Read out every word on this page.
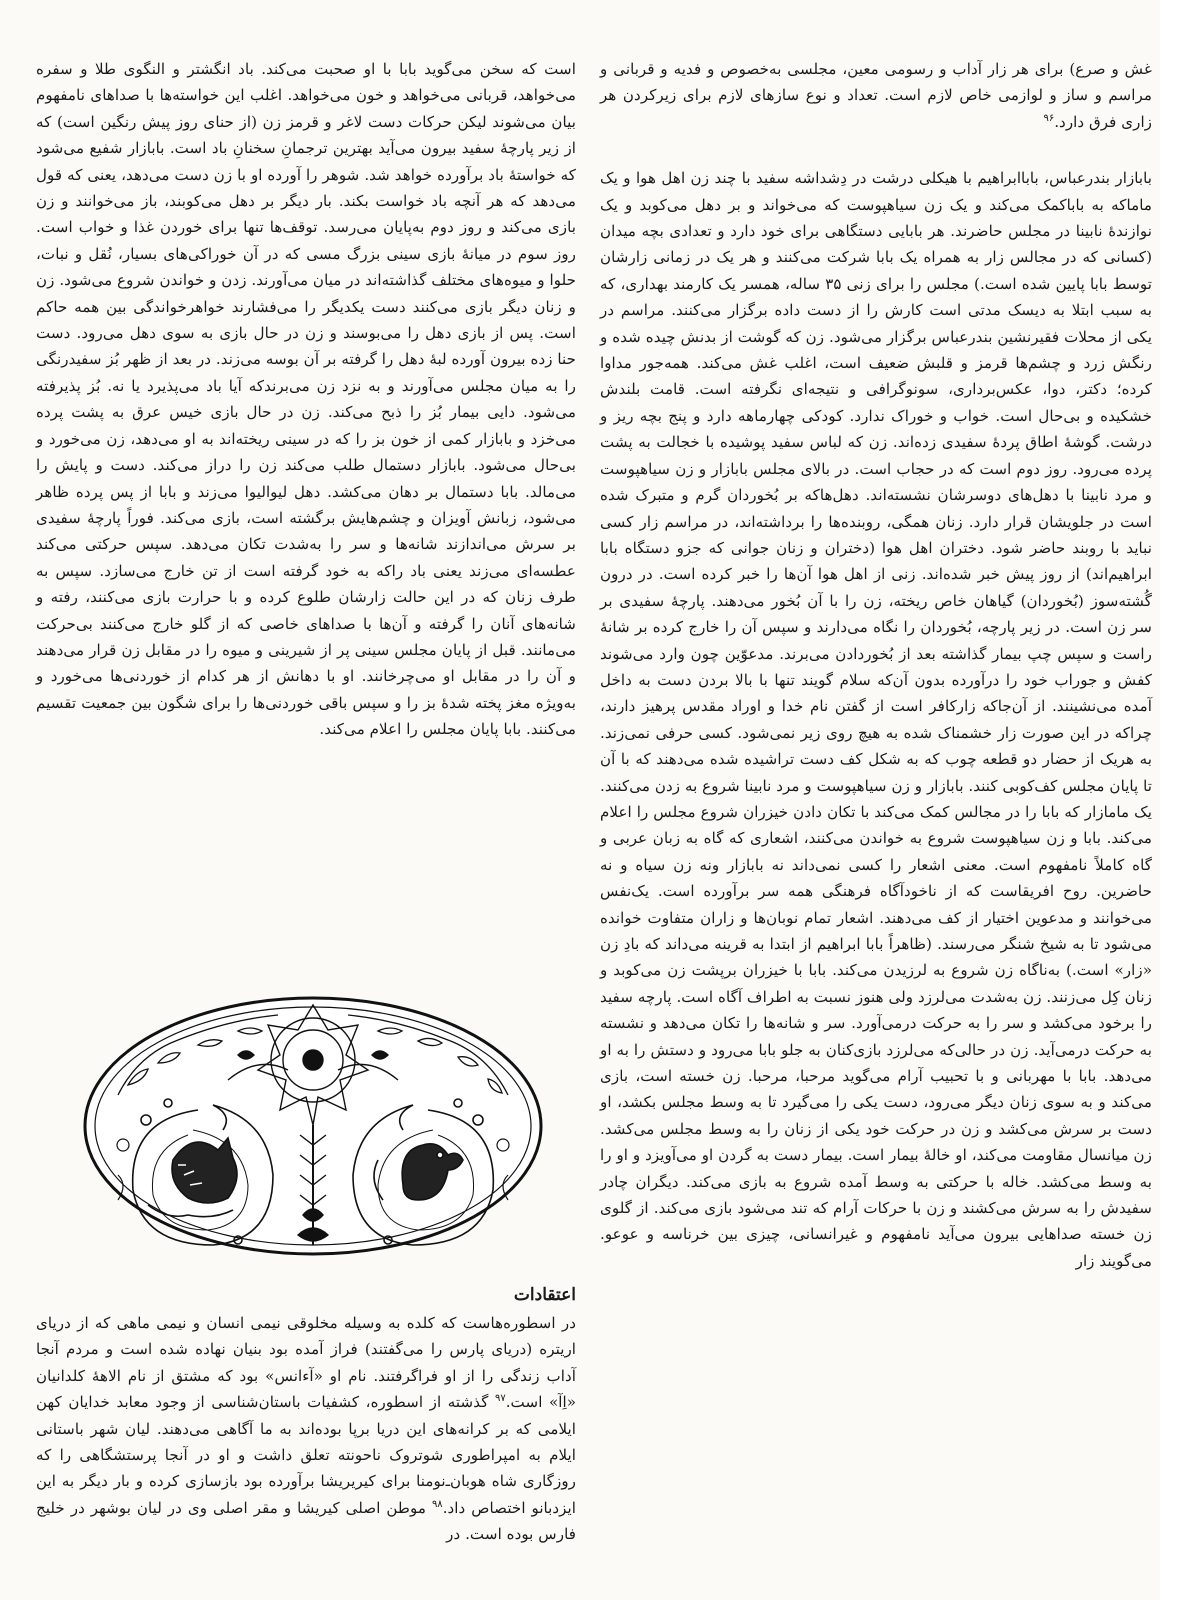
غش و صرع) برای هر زار آداب و رسومی معین، مجلسی به‌خصوص و فدیه و قربانی و مراسم و ساز و لوازمی خاص لازم است. تعداد و نوع سازهای لازم برای زیرکردن هر زاری فرق دارد.$^{۹۶}$

بابازار بندرعباس، باباابراهیم با هیکلی درشت در دِشداشه سفید با چند زن اهل هوا و یک ماماکه به باباکمک می‌کند و یک زن سیاهپوست که می‌خواند و بر دهل می‌کوبد و یک نوازندهٔ نابینا در مجلس حاضرند. هر بابایی دستگاهی برای خود دارد و تعدادی بچه میدان (کسانی که در مجالس زار به همراه یک بابا شرکت می‌کنند و هر یک در زمانی زارشان توسط بابا پایین شده است.) مجلس را برای زنی ۳۵ ساله، همسر یک کارمند بهداری، که به سبب ابتلا به دیسک مدتی است کارش را از دست داده برگزار می‌کنند. مراسم در یکی از محلات فقیرنشین بندرعباس برگزار می‌شود. زن که گوشت از بدنش چیده شده و رنگش زرد و چشم‌ها قرمز و قلبش ضعیف است، اغلب غش می‌کند. همه‌جور مداوا کرده؛ دکتر، دوا، عکس‌برداری، سونوگرافی و نتیجه‌ای نگرفته است. قامت بلندش خشکیده و بی‌حال است. خواب و خوراک ندارد. کودکی چهارماهه دارد و پنج بچه ریز و درشت. گوشهٔ اطاق پردهٔ سفیدی زده‌اند. زن که لباس سفید پوشیده با خجالت به پشت پرده می‌رود. روز دوم است که در حجاب است. در بالای مجلس بابازار و زن سیاهپوست و مرد نابینا با دهل‌های دوسرشان نشسته‌اند. دهل‌هاکه بر بُخوردان گرم و متبرک شده است در جلویشان قرار دارد. زنان همگی، روبنده‌ها را برداشته‌اند، در مراسم زار کسی نباید با روبند حاضر شود. دختران اهل هوا (دختران و زنان جوانی که جزو دستگاه بابا ابراهیم‌اند) از روز پیش خبر شده‌اند. زنی از اهل هوا آن‌ها را خبر کرده است. در درون گُشته‌سوز (بُخوردان) گیاهان خاص ریخته، زن را با آن بُخور می‌دهند. پارچهٔ سفیدی بر سر زن است. در زیر پارچه، بُخوردان را نگاه می‌دارند و سپس آن را خارج کرده بر شانهٔ راست و سپس چپ بیمار گذاشته بعد از بُخوردادن می‌برند. مدعوّین چون وارد می‌شوند کفش و جوراب خود را درآورده بدون آن‌که سلام گویند تنها با بالا بردن دست به داخل آمده می‌نشینند. از آن‌جاکه زارکافر است از گفتن نام خدا و اوراد مقدس پرهیز دارند، چراکه در این صورت زار خشمناک شده به هیچ روی زیر نمی‌شود. کسی حرفی نمی‌زند. به هریک از حضار دو قطعه چوب که به شکل کف دست تراشیده شده می‌دهند که با آن تا پایان مجلس کف‌کوبی کنند. بابازار و زن سیاهپوست و مرد نابینا شروع به زدن می‌کنند. یک مامازار که بابا را در مجالس کمک می‌کند با تکان دادن خیزران شروع مجلس را اعلام می‌کند. بابا و زن سیاهپوست شروع به خواندن می‌کنند، اشعاری که گاه به زبان عربی و گاه کاملاً نامفهوم است. معنی اشعار را کسی نمی‌داند نه بابازار ونه زن سیاه و نه حاضرین. روح افریقاست که از ناخودآگاه فرهنگی همه سر برآورده است. یک‌نفس می‌خوانند و مدعوین اختیار از کف می‌دهند. اشعار تمام نوبان‌ها و زاران متفاوت خوانده می‌شود تا به شیخ شنگر می‌رسند. (ظاهراً بابا ابراهیم از ابتدا به قرینه می‌داند که بادِ زن «زار» است.) به‌ناگاه زن شروع به لرزیدن می‌کند. بابا با خیزران برپشت زن می‌کوبد و زنان کِل می‌زنند. زن به‌شدت می‌لرزد ولی هنوز نسبت به اطراف آگاه است. پارچه سفید را برخود می‌کشد و سر را به حرکت درمی‌آورد. سر و شانه‌ها را تکان می‌دهد و نشسته به حرکت درمی‌آید. زن در حالی‌که می‌لرزد بازی‌کنان به جلو بابا می‌رود و دستش را به او می‌دهد. بابا با مهربانی و با تحبیب آرام می‌گوید مرحبا، مرحبا. زن خسته است، بازی می‌کند و به سوی زنان دیگر می‌رود، دست یکی را می‌گیرد تا به وسط مجلس بکشد، او دست بر سرش می‌کشد و زن در حرکت خود یکی از زنان را به وسط مجلس می‌کشد. زن میانسال مقاومت می‌کند، او خالهٔ بیمار است. بیمار دست به گردن او می‌آویزد و او را به وسط می‌کشد. خاله با حرکتی به وسط آمده شروع به بازی می‌کند. دیگران چادر سفیدش را به سرش می‌کشند و زن با حرکات آرام که تند می‌شود بازی می‌کند. از گلوی زن خسته صداهایی بیرون می‌آید نامفهوم و غیرانسانی، چیزی بین خرناسه و عوعو. می‌گویند زار

است که سخن می‌گوید بابا با او صحبت می‌کند. باد انگشتر و النگوی طلا و سفره می‌خواهد، قربانی می‌خواهد و خون می‌خواهد. اغلب این خواسته‌ها با صداهای نامفهوم بیان می‌شوند لیکن حرکات دست لاغر و قرمز زن (از حنای روز پیش رنگین است) که از زیر پارچهٔ سفید بیرون می‌آید بهترین ترجمانِ سخنانِ باد است. بابازار شفیع می‌شود که خواستهٔ باد برآورده خواهد شد. شوهر را آورده او با زن دست می‌دهد، یعنی که قول می‌دهد که هر آنچه باد خواست بکند. بار دیگر بر دهل می‌کوبند، باز می‌خوانند و زن بازی می‌کند و روز دوم به‌پایان می‌رسد. توقف‌ها تنها برای خوردن غذا و خواب است. روز سوم در میانهٔ بازی سینی بزرگ مسی که در آن خوراکی‌های بسیار، نُقل و نبات، حلوا و میوه‌های مختلف گذاشته‌اند در میان می‌آورند. زدن و خواندن شروع می‌شود. زن و زنان دیگر بازی می‌کنند دست یکدیگر را می‌فشارند خواهرخواندگی بین همه حاکم است. پس از بازی دهل را می‌بوسند و زن در حال بازی به سوی دهل می‌رود. دست حنا زده بیرون آورده لبهٔ دهل را گرفته بر آن بوسه می‌زند. در بعد از ظهر بُز سفیدرنگی را به میان مجلس می‌آورند و به نزد زن می‌برندکه آیا باد می‌پذیرد یا نه. بُز پذیرفته می‌شود. دایی بیمار بُز را ذبح می‌کند. زن در حال بازی خیس عرق به پشت پرده می‌خزد و بابازار کمی از خون بز را که در سینی ریخته‌اند به او می‌دهد، زن می‌خورد و بی‌حال می‌شود. بابازار دستمال طلب می‌کند زن را دراز می‌کند. دست و پایش را می‌مالد. بابا دستمال بر دهان می‌کشد. دهل لیوالیوا می‌زند و بابا از پس پرده ظاهر می‌شود، زبانش آویزان و چشم‌هایش برگشته است، بازی می‌کند. فوراً پارچهٔ سفیدی بر سرش می‌اندازند شانه‌ها و سر را به‌شدت تکان می‌دهد. سپس حرکتی می‌کند عطسه‌ای می‌زند یعنی باد راکه به خود گرفته است از تن خارج می‌سازد. سپس به طرف زنان که در این حالت زارشان طلوع کرده و با حرارت بازی می‌کنند، رفته و شانه‌های آنان را گرفته و آن‌ها با صداهای خاصی که از گلو خارج می‌کنند بی‌حرکت می‌مانند. قبل از پایان مجلس سینی پر از شیرینی و میوه را در مقابل زن قرار می‌دهند و آن را در مقابل او می‌چرخانند. او با دهانش از هر کدام از خوردنی‌ها می‌خورد و به‌ویژه مغز پخته شدهٔ بز را و سپس باقی خوردنی‌ها را برای شگون بین جمعیت تقسیم می‌کنند. بابا پایان مجلس را اعلام می‌کند.

اعتقادات

در اسطوره‌هاست که کلده به وسیله مخلوقی نیمی انسان و نیمی ماهی که از دریای اریتره (دریای پارس را می‌گفتند) فراز آمده بود بنیان نهاده شده است و مردم آنجا آداب زندگی را از او فراگرفتند. نام او «آءانس» بود که مشتق از نام الاههٔ کلدانیان «اِآ» است.$^{۹۷}$ گذشته از اسطوره، کشفیات باستان‌شناسی از وجود معابد خدایان کهن ایلامی که بر کرانه‌های این دریا برپا بوده‌اند به ما آگاهی می‌دهند. لیان شهر باستانی ایلام به امپراطوری شوتروک ناحونته تعلق داشت و او در آنجا پرستشگاهی را که روزگاری شاه هوبان‌ـ‌نومنا برای کیریریشا برآورده بود بازسازی کرده و بار دیگر به این ایزدبانو اختصاص داد.$^{۹۸}$ موطن اصلی کیریشا و مقر اصلی وی در لیان بوشهر در خلیج فارس بوده است. در
